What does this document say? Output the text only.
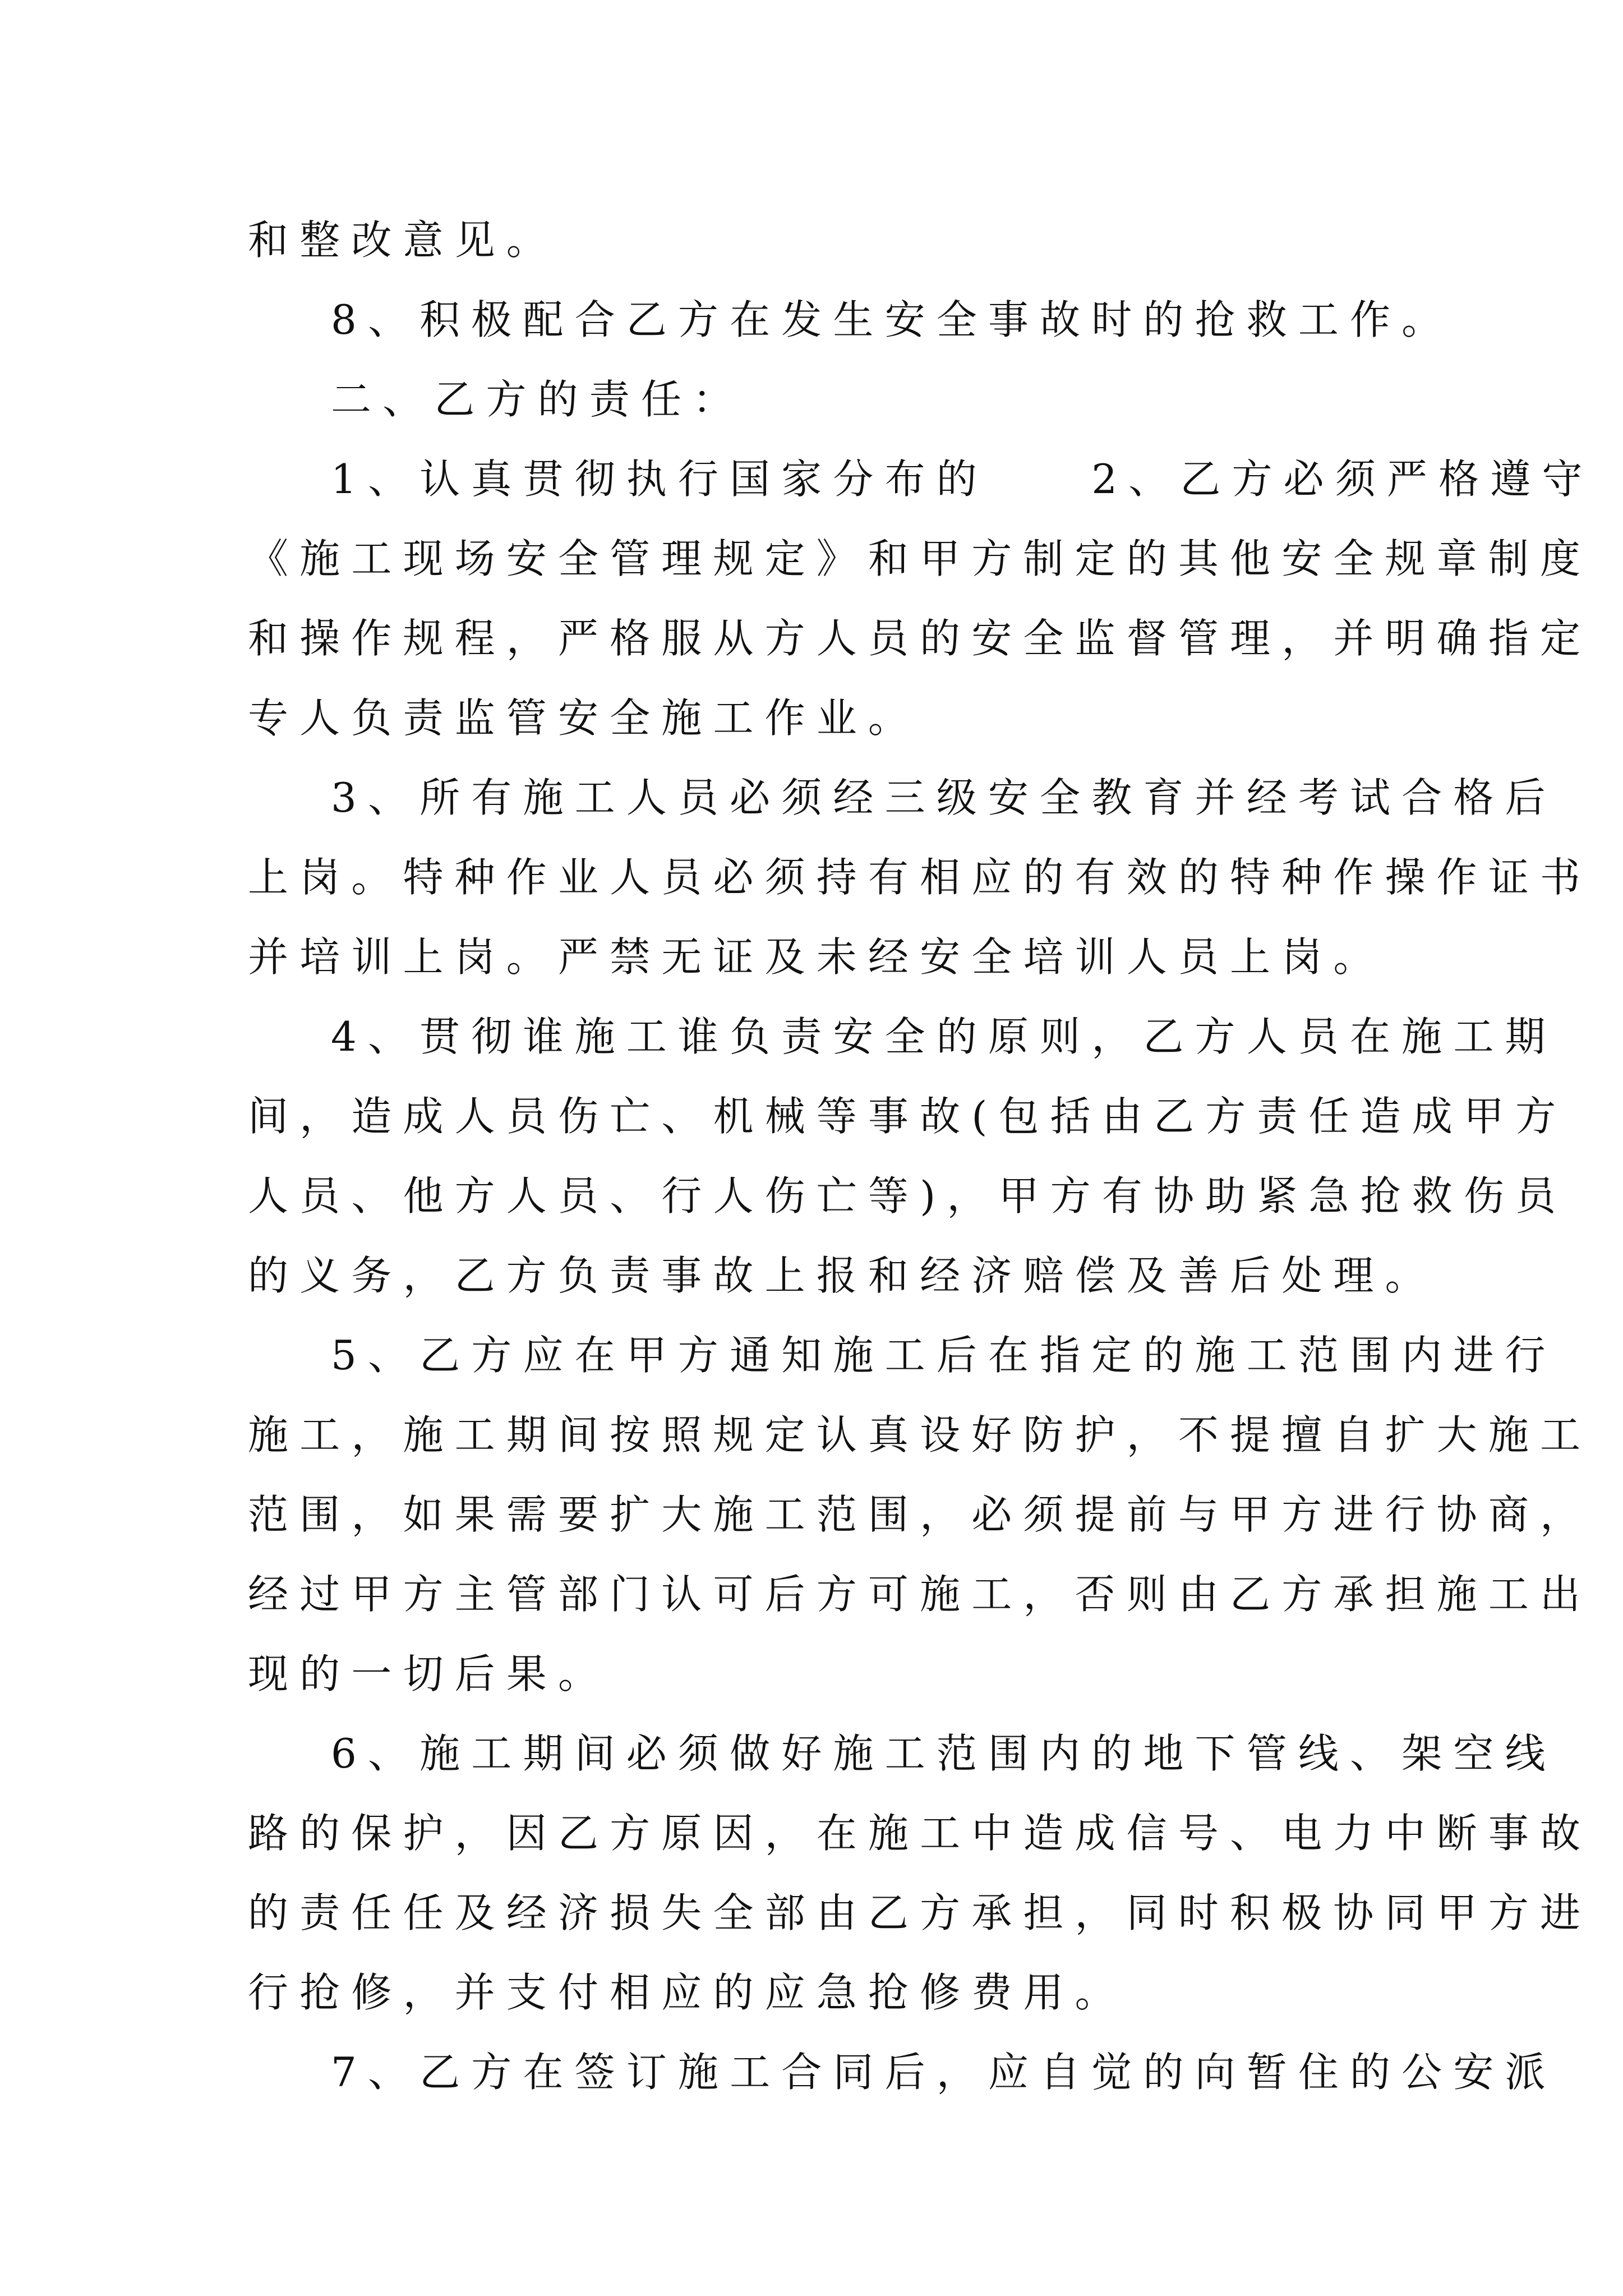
和整改意见。
8、积极配合乙方在发生安全事故时的抢救工作。
二、乙方的责任：
1、认真贯彻执行国家分布的　　2、乙方必须严格遵守
《施工现场安全管理规定》和甲方制定的其他安全规章制度
和操作规程，严格服从方人员的安全监督管理，并明确指定
专人负责监管安全施工作业。
3、所有施工人员必须经三级安全教育并经考试合格后
上岗。特种作业人员必须持有相应的有效的特种作操作证书
并培训上岗。严禁无证及未经安全培训人员上岗。
4、贯彻谁施工谁负责安全的原则，乙方人员在施工期
间，造成人员伤亡、机械等事故(包括由乙方责任造成甲方
人员、他方人员、行人伤亡等)，甲方有协助紧急抢救伤员
的义务，乙方负责事故上报和经济赔偿及善后处理。
5、乙方应在甲方通知施工后在指定的施工范围内进行
施工，施工期间按照规定认真设好防护，不提擅自扩大施工
范围，如果需要扩大施工范围，必须提前与甲方进行协商，
经过甲方主管部门认可后方可施工，否则由乙方承担施工出
现的一切后果。
6、施工期间必须做好施工范围内的地下管线、架空线
路的保护，因乙方原因，在施工中造成信号、电力中断事故
的责任任及经济损失全部由乙方承担，同时积极协同甲方进
行抢修，并支付相应的应急抢修费用。
7、乙方在签订施工合同后，应自觉的向暂住的公安派
